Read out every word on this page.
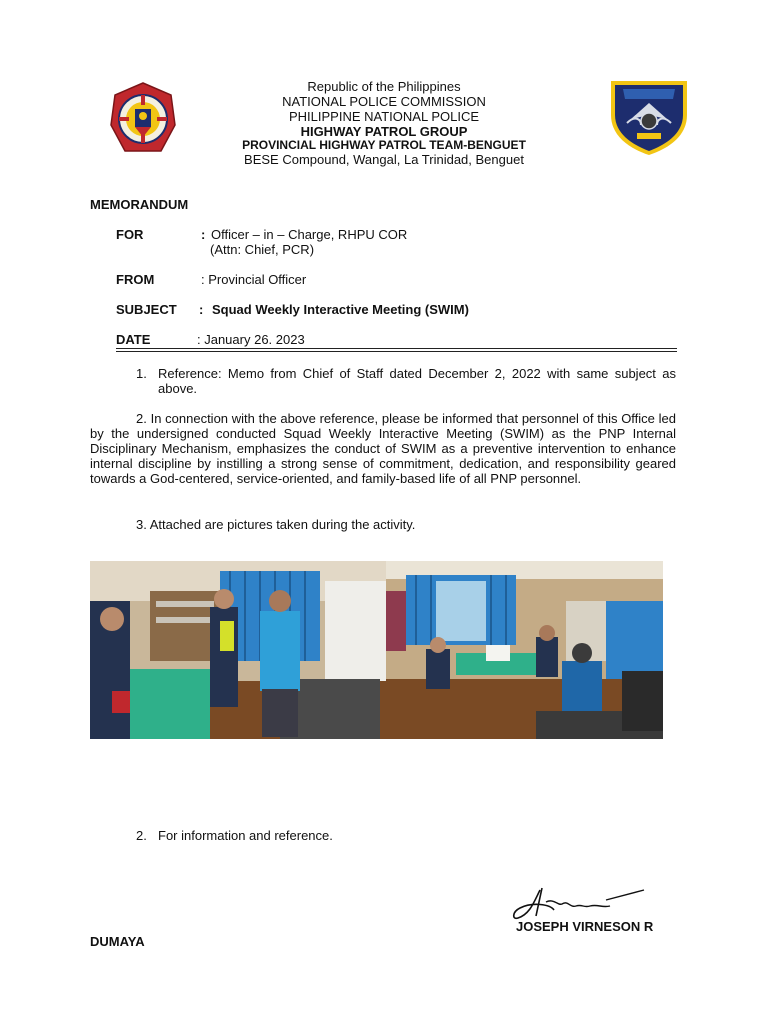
Republic of the Philippines
NATIONAL POLICE COMMISSION
PHILIPPINE NATIONAL POLICE
HIGHWAY PATROL GROUP
PROVINCIAL HIGHWAY PATROL TEAM-BENGUET
BESE Compound, Wangal, La Trinidad, Benguet
MEMORANDUM
FOR	: Officer – in – Charge, RHPU COR
(Attn: Chief, PCR)
FROM	: Provincial Officer
SUBJECT : Squad Weekly Interactive Meeting (SWIM)
DATE	: January 26. 2023
1. Reference: Memo from Chief of Staff dated December 2, 2022 with same subject as above.
2. In connection with the above reference, please be informed that personnel of this Office led by the undersigned conducted Squad Weekly Interactive Meeting (SWIM) as the PNP Internal Disciplinary Mechanism, emphasizes the conduct of SWIM as a preventive intervention to enhance internal discipline by instilling a strong sense of commitment, dedication, and responsibility geared towards a God-centered, service-oriented, and family-based life of all PNP personnel.
3. Attached are pictures taken during the activity.
2. For information and reference.
JOSEPH VIRNESON R
DUMAYA
